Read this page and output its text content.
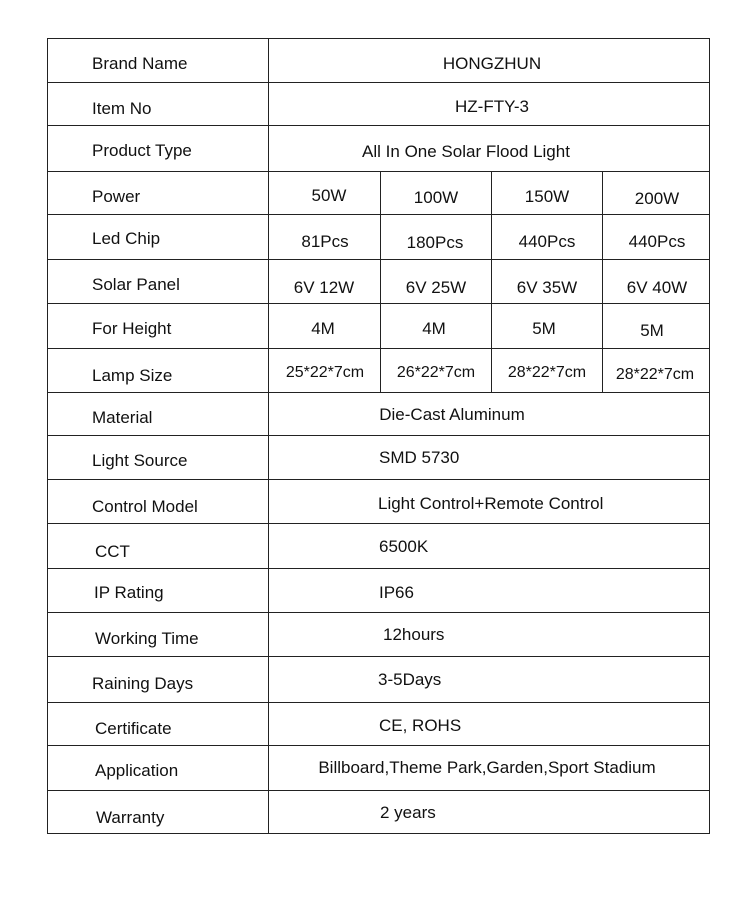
Brand Name	HONGZHUN
Item No	HZ-FTY-3
Product Type	All In One Solar Flood Light
Power	50W	100W	150W	200W
Led Chip	81Pcs	180Pcs	440Pcs	440Pcs
Solar Panel	6V 12W	6V 25W	6V 35W	6V 40W
For Height	4M	4M	5M	5M
Lamp Size	25*22*7cm 26*22*7cm 28*22*7cm 28*22*7cm
Material	Die-Cast Aluminum
Light Source	SMD 5730
Control Model	Light Control+Remote Control
CCT	6500K
IP Rating	IP66
Working Time	12hours
Raining Days	3-5Days
Certificate	CE, ROHS
Application	Billboard,Theme Park,Garden,Sport Stadium
Warranty	2 years
